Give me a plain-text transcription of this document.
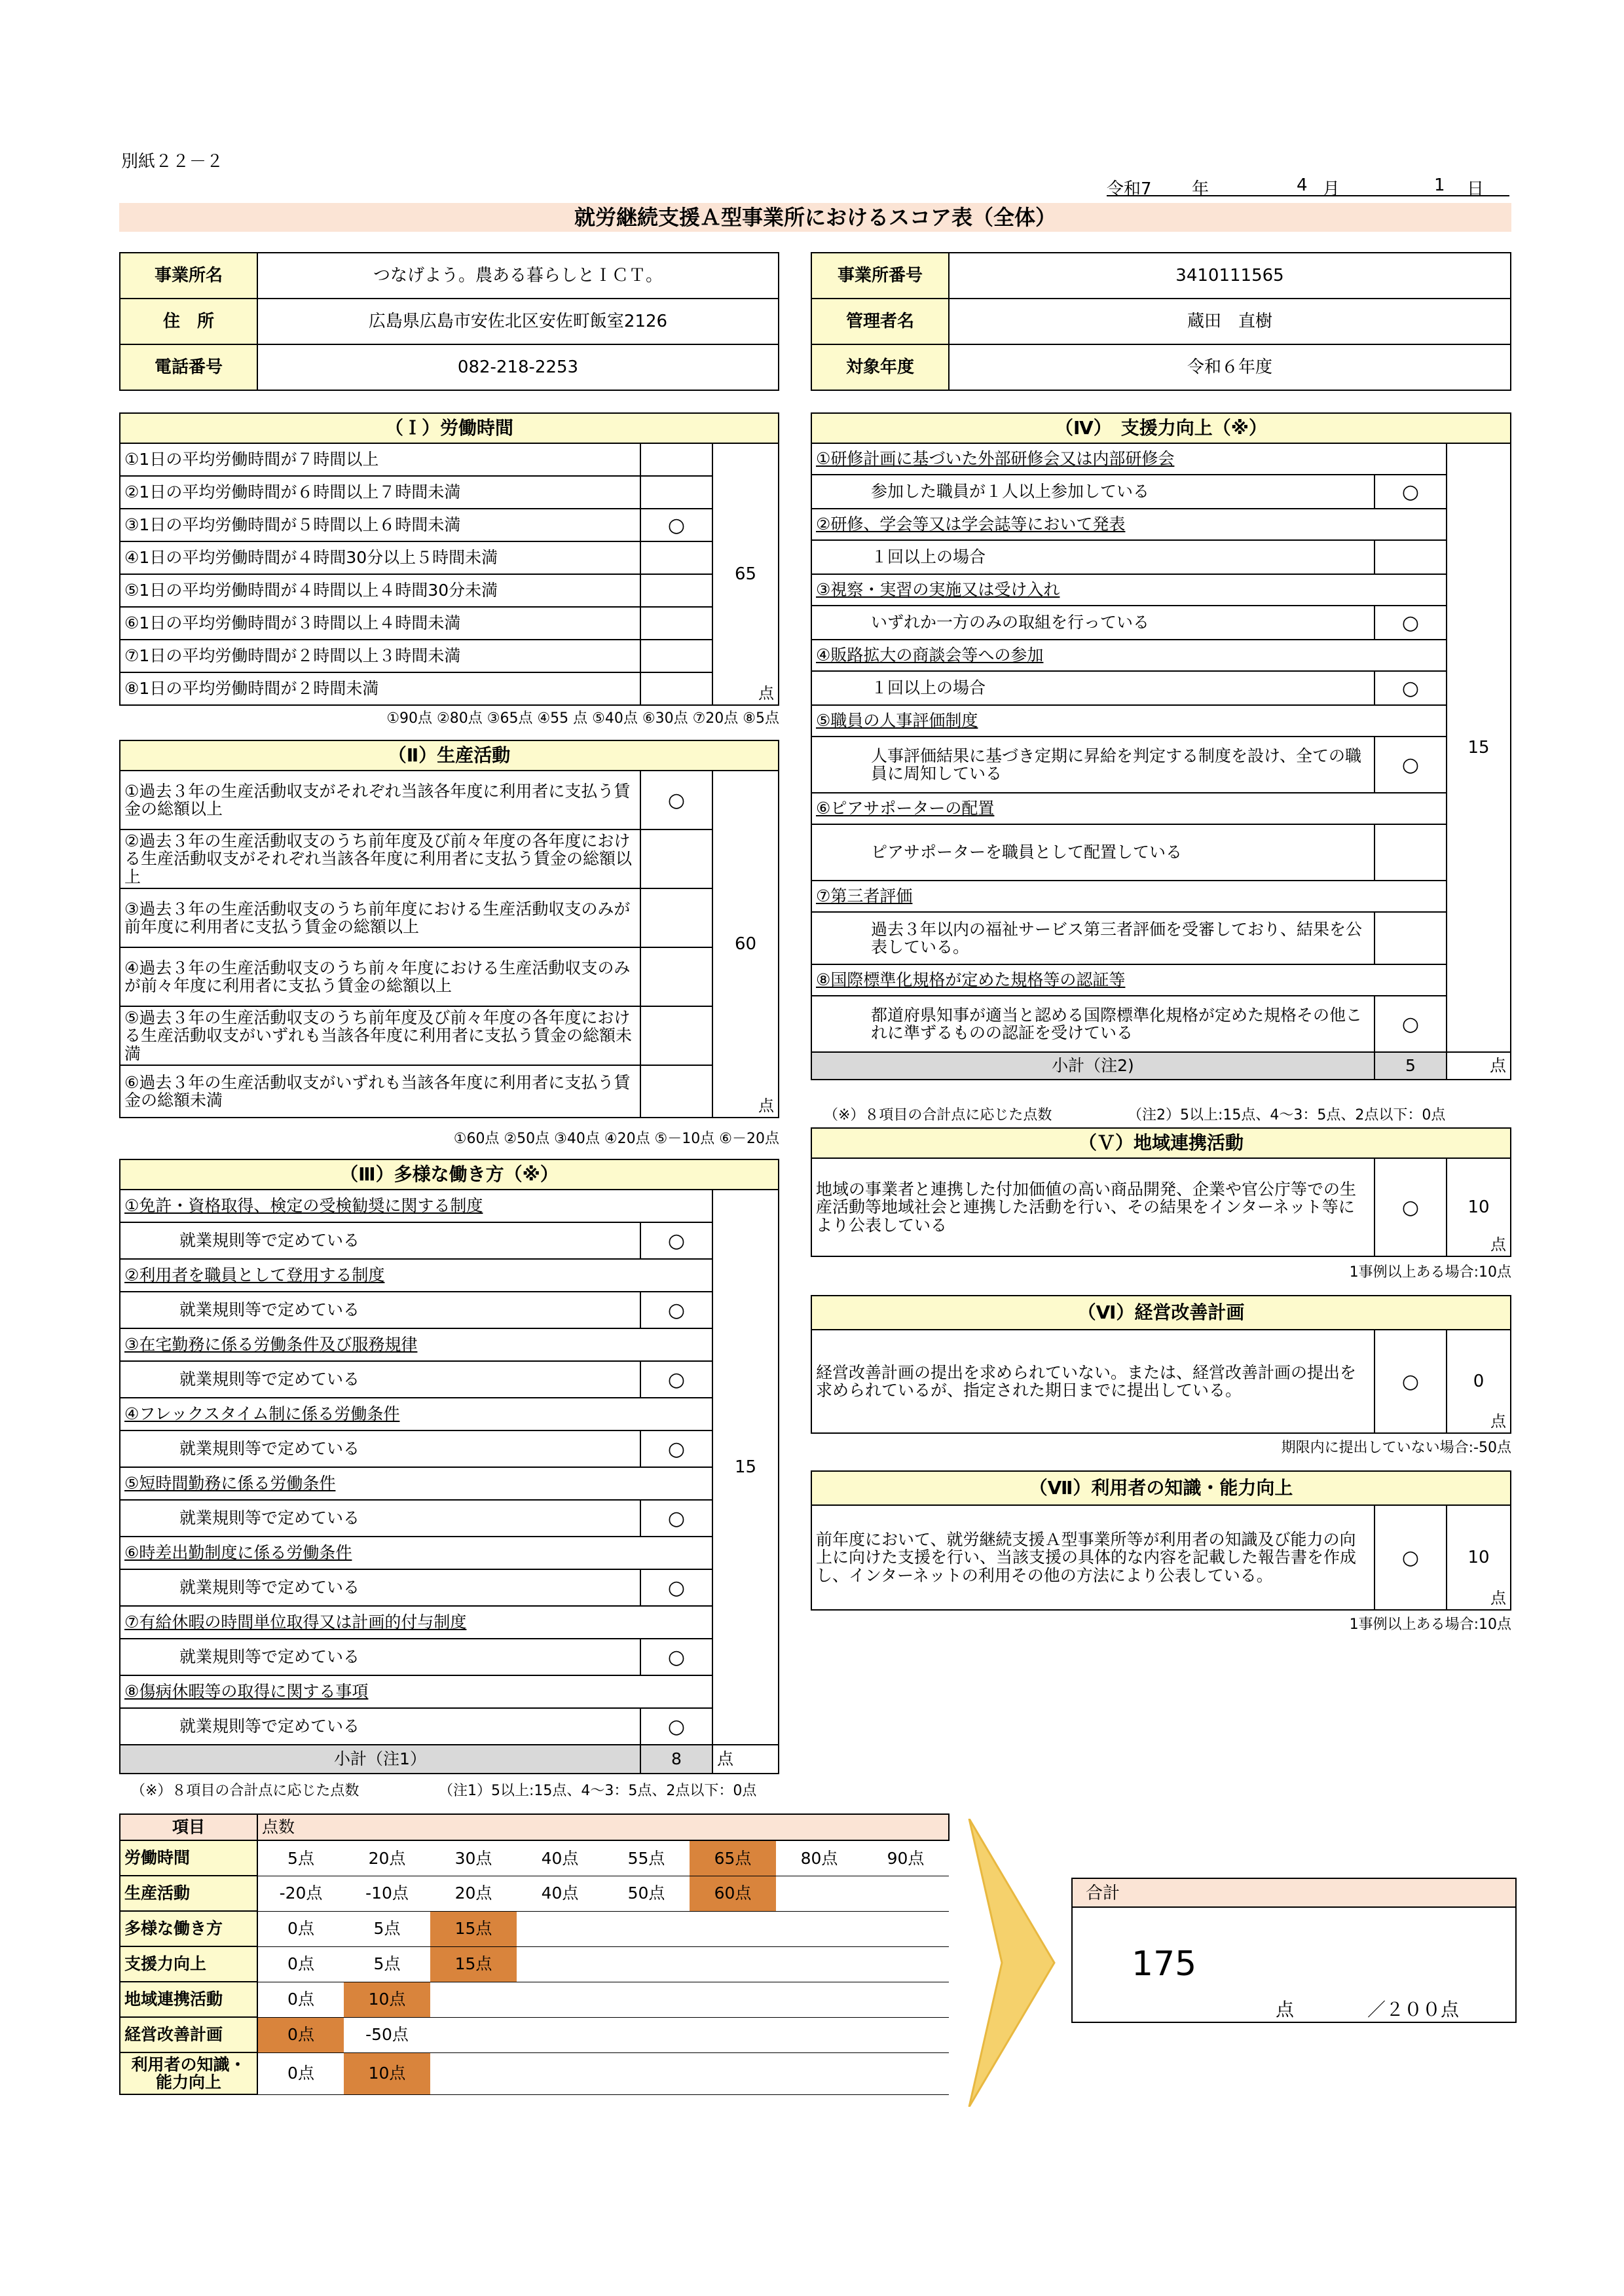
別紙２２－２
令和7 年	4 月	1 日
就労継続支援Ａ型事業所におけるスコア表（全体）
事業所名	つなげよう。農ある暮らしとＩＣＴ。
住　所	広島県広島市安佐北区安佐町飯室2126
電話番号	082-218-2253
事業所番号	3410111565
管理者名	蔵田　直樹
対象年度	令和６年度
（Ｉ）労働時間		
①1日の平均労働時間が７時間以上		65
点

②1日の平均労働時間が６時間以上７時間未満		
③1日の平均労働時間が５時間以上６時間未満	○	
④1日の平均労働時間が４時間30分以上５時間未満		
⑤1日の平均労働時間が４時間以上４時間30分未満		
⑥1日の平均労働時間が３時間以上４時間未満		
⑦1日の平均労働時間が２時間以上３時間未満		
⑧1日の平均労働時間が２時間未満		
①90点 ②80点 ③65点 ④55 点 ⑤40点 ⑥30点 ⑦20点 ⑧5点
（Ⅱ）生産活動		
①過去３年の生産活動収支がそれぞれ当該各年度に利用者に支払う賃金の総額以上	○	60
点

②過去３年の生産活動収支のうち前年度及び前々年度の各年度における生産活動収支がそれぞれ当該各年度に利用者に支払う賃金の総額以上		
③過去３年の生産活動収支のうち前年度における生産活動収支のみが前年度に利用者に支払う賃金の総額以上		
④過去３年の生産活動収支のうち前々年度における生産活動収支のみが前々年度に利用者に支払う賃金の総額以上		
⑤過去３年の生産活動収支のうち前年度及び前々年度の各年度における生産活動収支がいずれも当該各年度に利用者に支払う賃金の総額未満		
⑥過去３年の生産活動収支がいずれも当該各年度に利用者に支払う賃金の総額未満		
①60点 ②50点 ③40点 ④20点 ⑤－10点 ⑥－20点
（Ⅲ）多様な働き方（※）		
①免許・資格取得、検定の受検勧奨に関する制度		15
就業規則等で定めている	○	
②利用者を職員として登用する制度		
就業規則等で定めている	○	
③在宅勤務に係る労働条件及び服務規律		
就業規則等で定めている	○	
④フレックスタイム制に係る労働条件		
就業規則等で定めている	○	
⑤短時間勤務に係る労働条件		
就業規則等で定めている	○	
⑥時差出勤制度に係る労働条件		
就業規則等で定めている	○	
⑦有給休暇の時間単位取得又は計画的付与制度		
就業規則等で定めている	○	
⑧傷病休暇等の取得に関する事項		
就業規則等で定めている	○	
小計（注1）	8	点
（※）８項目の合計点に応じた点数	（注1）5以上:15点、4～3：5点、2点以下：0点
（Ⅳ）　支援力向上（※）		
①研修計画に基づいた外部研修会又は内部研修会		15
参加した職員が１人以上参加している	○	
②研修、学会等又は学会誌等において発表		
１回以上の場合		
③視察・実習の実施又は受け入れ		
いずれか一方のみの取組を行っている	○	
④販路拡大の商談会等への参加		
１回以上の場合	○	
⑤職員の人事評価制度		
人事評価結果に基づき定期に昇給を判定する制度を設け、全ての職員に周知している	○	
⑥ピアサポーターの配置		
ピアサポーターを職員として配置している		
⑦第三者評価		
過去３年以内の福祉サービス第三者評価を受審しており、結果を公表している。		
⑧国際標準化規格が定めた規格等の認証等		
都道府県知事が適当と認める国際標準化規格が定めた規格その他これに準ずるものの認証を受けている	○	
小計（注2)	5	点
（※）８項目の合計点に応じた点数	（注2）5以上:15点、4～3：5点、2点以下：0点
（Ｖ）地域連携活動
地域の事業者と連携した付加価値の高い商品開発、企業や官公庁等での生産活動等地域社会と連携した活動を行い、その結果をインターネット等により公表している	○	10
点
1事例以上ある場合:10点
（Ⅵ）経営改善計画
経営改善計画の提出を求められていない。または、経営改善計画の提出を求められているが、指定された期日までに提出している。	○	0
点
期限内に提出していない場合:-50点
（Ⅶ）利用者の知識・能力向上
前年度において、就労継続支援Ａ型事業所等が利用者の知識及び能力の向上に向けた支援を行い、当該支援の具体的な内容を記載した報告書を作成し、インターネットの利用その他の方法により公表している。	○	10
点
1事例以上ある場合:10点
項目	点数							
労働時間	5点	20点	30点	40点	55点	65点	80点	90点
生産活動	-20点	-10点	20点	40点	50点	60点		
多様な働き方	0点	5点	15点					
支援力向上	0点	5点	15点					
地域連携活動	0点	10点						
経営改善計画	0点	-50点						
利用者の知識・
能力向上	0点	10点						
合計
175
点	／２００点
